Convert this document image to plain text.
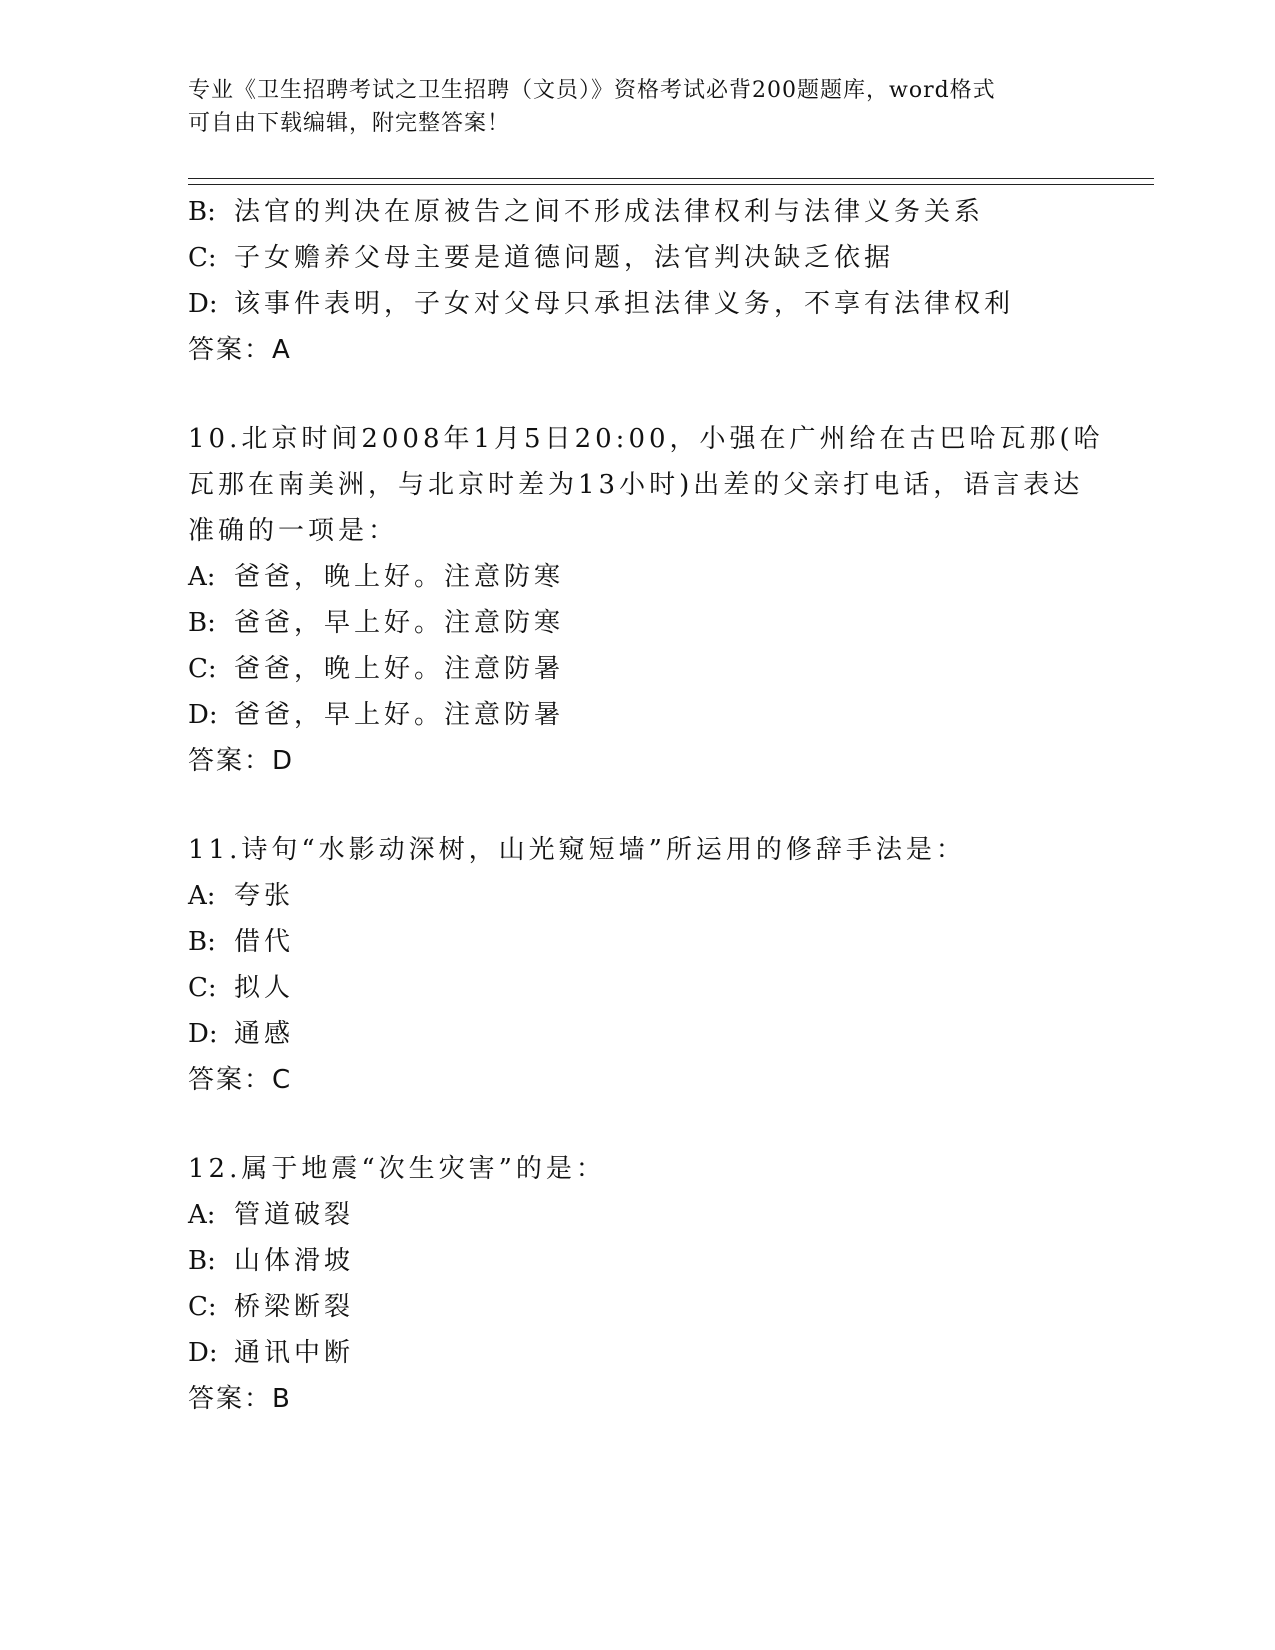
专业《卫生招聘考试之卫生招聘（文员）》资格考试必背200题题库，word格式
可自由下载编辑，附完整答案！
B: 法官的判决在原被告之间不形成法律权利与法律义务关系
C: 子女赡养父母主要是道德问题，法官判决缺乏依据
D: 该事件表明，子女对父母只承担法律义务，不享有法律权利
答案：A
10.北京时间2008年1月5日20:00，小强在广州给在古巴哈瓦那(哈
瓦那在南美洲，与北京时差为13小时)出差的父亲打电话，语言表达
准确的一项是：
A: 爸爸，晚上好。注意防寒
B: 爸爸，早上好。注意防寒
C: 爸爸，晚上好。注意防暑
D: 爸爸，早上好。注意防暑
答案：D
11.诗句“水影动深树，山光窥短墙”所运用的修辞手法是：
A: 夸张
B: 借代
C: 拟人
D: 通感
答案：C
12.属于地震“次生灾害”的是：
A: 管道破裂
B: 山体滑坡
C: 桥梁断裂
D: 通讯中断
答案：B
